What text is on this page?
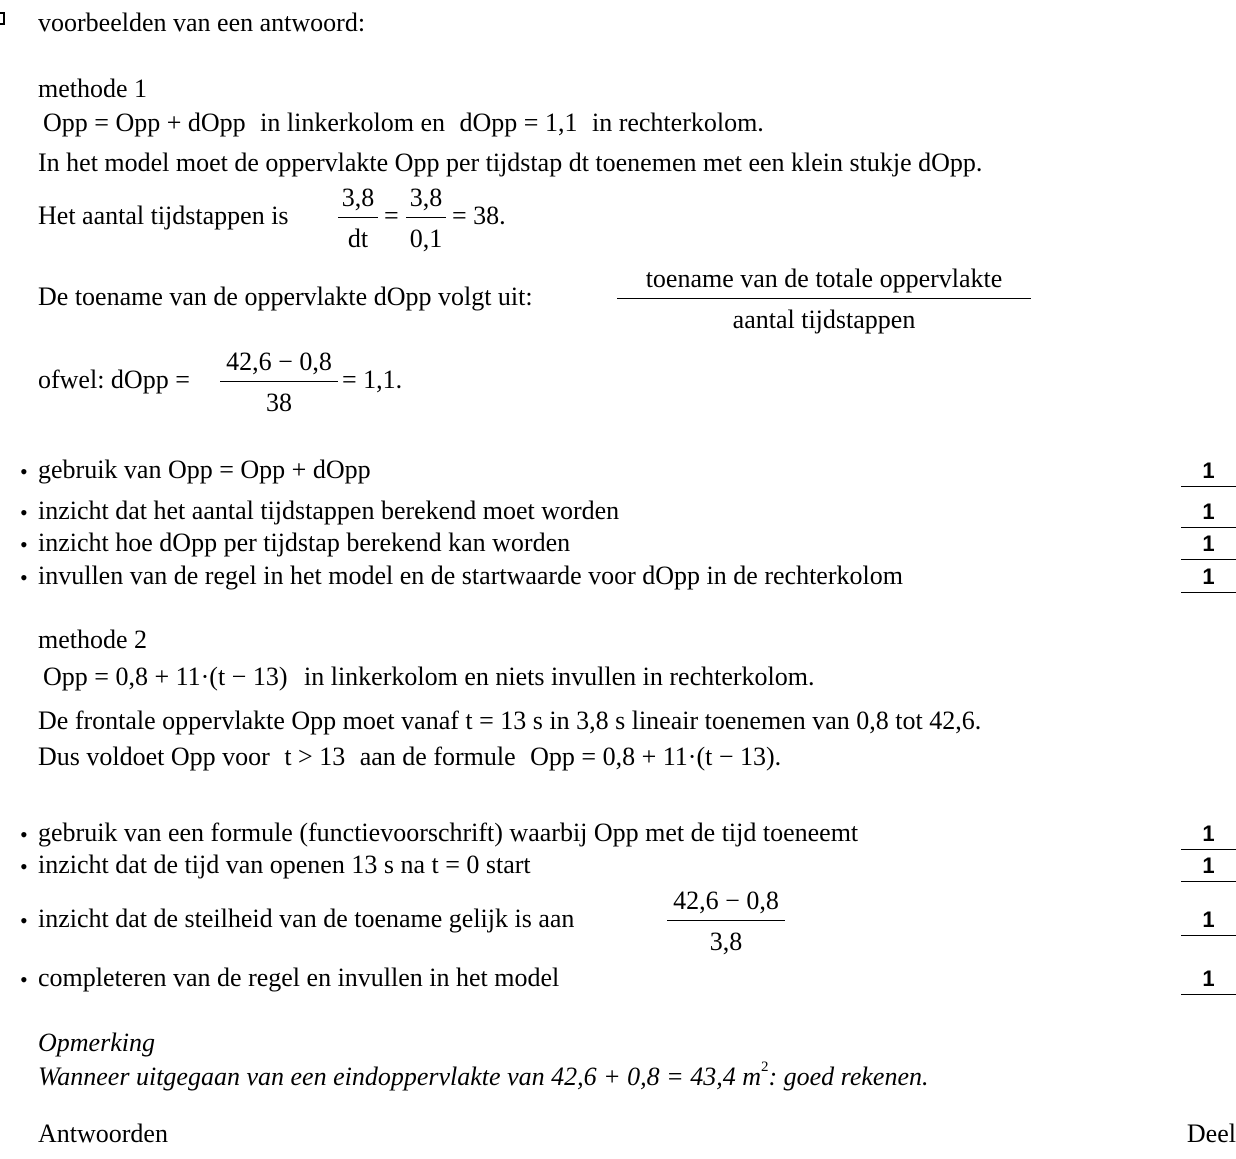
voorbeelden van een antwoord:
methode 1
Opp = Opp + dOpp in linkerkolom en dOpp = 1,1 in rechterkolom.
In het model moet de oppervlakte Opp per tijdstap dt toenemen met een klein stukje dOpp.
Het aantal tijdstappen is $\frac{3,8}{dt} = \frac{3,8}{0,1} = 38$.
De toename van de oppervlakte dOpp volgt uit:
toename van de totale oppervlakte
aantal tijdstappen
ofwel: dOpp = $\frac{42,6 - 0,8}{38} = 1,1$.
• gebruik van Opp = Opp + dOpp	1
• inzicht dat het aantal tijdstappen berekend moet worden	1
• inzicht hoe dOpp per tijdstap berekend kan worden	1
• invullen van de regel in het model en de startwaarde voor dOpp in de rechterkolom	1
methode 2
Opp = 0,8 + 11·(t − 13) in linkerkolom en niets invullen in rechterkolom.
De frontale oppervlakte Opp moet vanaf t = 13 s in 3,8 s lineair toenemen van 0,8 tot 42,6.
Dus voldoet Opp voor t > 13 aan de formule Opp = 0,8 + 11·(t − 13).
• gebruik van een formule (functievoorschrift) waarbij Opp met de tijd toeneemt	1
• inzicht dat de tijd van openen 13 s na t = 0 start	1
• inzicht dat de steilheid van de toename gelijk is aan	$\frac{42,6 - 0,8}{3,8}$	1
• completeren van de regel en invullen in het model	1
Opmerking
Wanneer uitgegaan van een eindoppervlakte van 42,6 + 0,8 = 43,4 $m^2$: goed rekenen.
Antwoorden	Deel
